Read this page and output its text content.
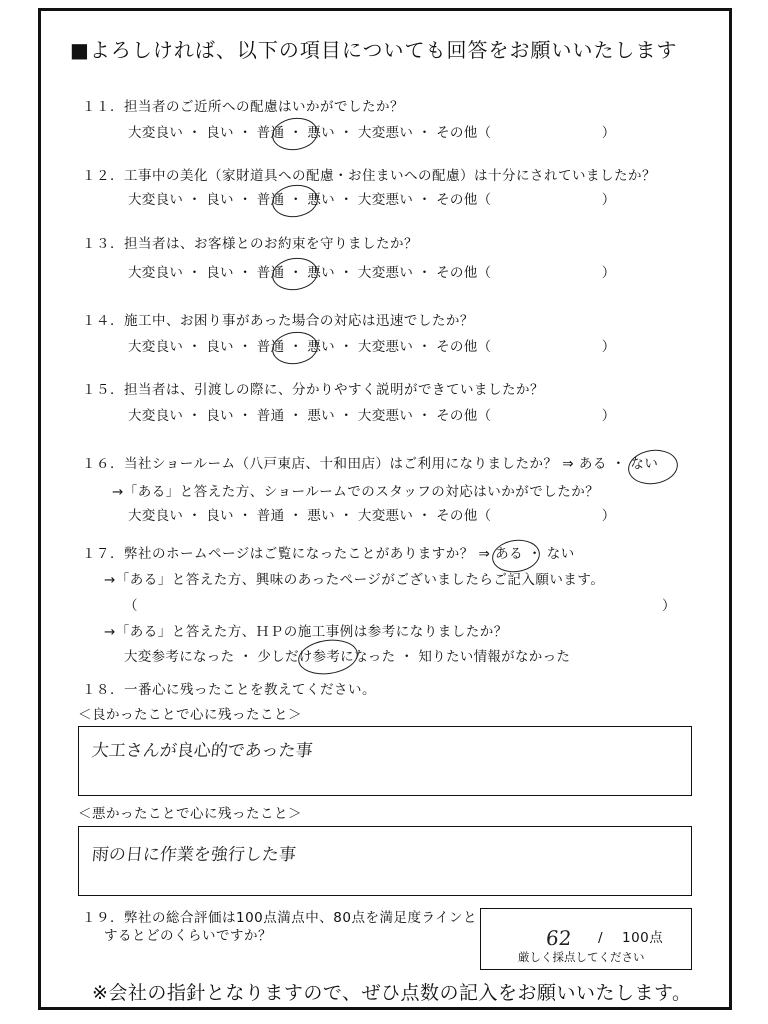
■よろしければ、以下の項目についても回答をお願いいたします
１１．担当者のご近所への配慮はいかがでしたか？
大変良い ・ 良い ・ 普通 ・ 悪い ・ 大変悪い ・ その他（　　　　　　　　）
１２．工事中の美化（家財道具への配慮・お住まいへの配慮）は十分にされていましたか？
大変良い ・ 良い ・ 普通 ・ 悪い ・ 大変悪い ・ その他（　　　　　　　　）
１３．担当者は、お客様とのお約束を守りましたか？
大変良い ・ 良い ・ 普通 ・ 悪い ・ 大変悪い ・ その他（　　　　　　　　）
１４．施工中、お困り事があった場合の対応は迅速でしたか？
大変良い ・ 良い ・ 普通 ・ 悪い ・ 大変悪い ・ その他（　　　　　　　　）
１５．担当者は、引渡しの際に、分かりやすく説明ができていましたか？
大変良い ・ 良い ・ 普通 ・ 悪い ・ 大変悪い ・ その他（　　　　　　　　）
１６．当社ショールーム（八戸東店、十和田店）はご利用になりましたか？ ⇒ ある ・ ない
→「ある」と答えた方、ショールームでのスタッフの対応はいかがでしたか？
大変良い ・ 良い ・ 普通 ・ 悪い ・ 大変悪い ・ その他（　　　　　　　　）
１７．弊社のホームページはご覧になったことがありますか？ ⇒ ある ・ ない
→「ある」と答えた方、興味のあったページがございましたらご記入願います。
（	）
→「ある」と答えた方、ＨＰの施工事例は参考になりましたか？
大変参考になった ・ 少しだけ参考になった ・ 知りたい情報がなかった
１８．一番心に残ったことを教えてください。
＜良かったことで心に残ったこと＞
大工さんが良心的であった事
＜悪かったことで心に残ったこと＞
雨の日に作業を強行した事
１９．弊社の総合評価は100点満点中、80点を満足度ラインと
するとどのくらいですか？	62 / 100点
厳しく採点してください
※会社の指針となりますので、ぜひ点数の記入をお願いいたします。
